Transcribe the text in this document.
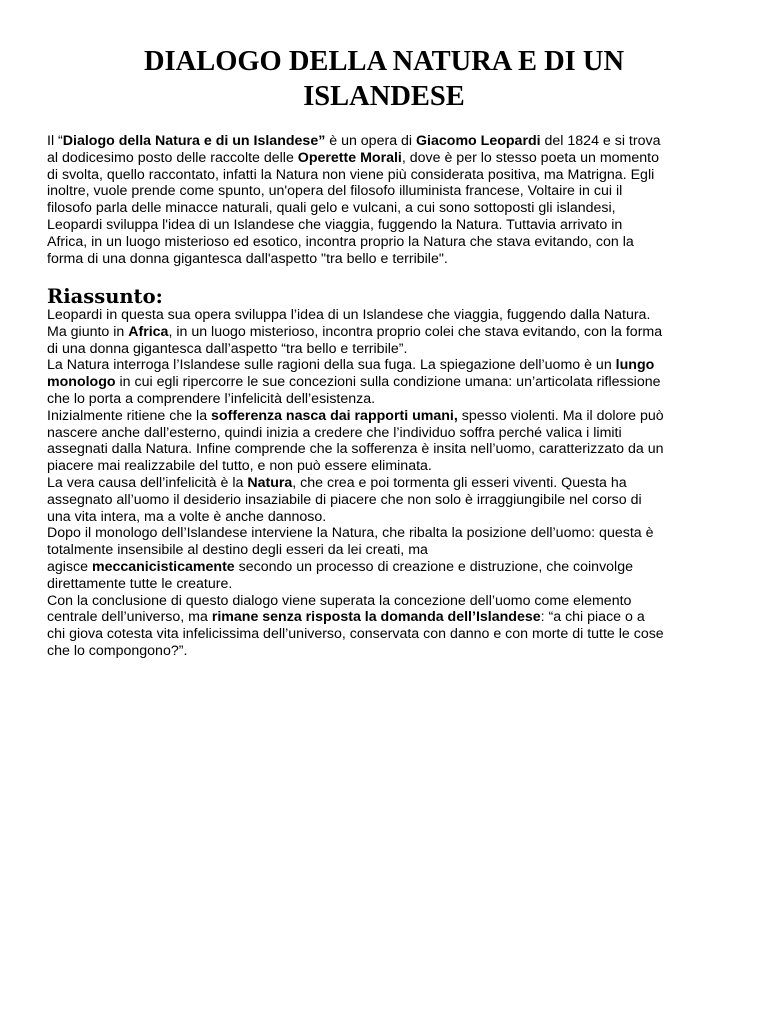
DIALOGO DELLA NATURA E DI UN ISLANDESE
Il “Dialogo della Natura e di un Islandese” è un opera di Giacomo Leopardi del 1824 e si trova
al dodicesimo posto delle raccolte delle Operette Morali, dove è per lo stesso poeta un momento
di svolta, quello raccontato, infatti la Natura non viene più considerata positiva, ma Matrigna. Egli
inoltre, vuole prende come spunto, un'opera del filosofo illuminista francese, Voltaire in cui il
filosofo parla delle minacce naturali, quali gelo e vulcani, a cui sono sottoposti gli islandesi,
Leopardi sviluppa l'idea di un Islandese che viaggia, fuggendo la Natura. Tuttavia arrivato in
Africa, in un luogo misterioso ed esotico, incontra proprio la Natura che stava evitando, con la
forma di una donna gigantesca dall'aspetto "tra bello e terribile".
Riassunto:

Leopardi in questa sua opera sviluppa l’idea di un Islandese che viaggia, fuggendo dalla Natura.
Ma giunto in Africa, in un luogo misterioso, incontra proprio colei che stava evitando, con la forma
di una donna gigantesca dall’aspetto “tra bello e terribile”.

La Natura interroga l’Islandese sulle ragioni della sua fuga. La spiegazione dell’uomo è un lungo
monologo in cui egli ripercorre le sue concezioni sulla condizione umana: un’articolata riflessione
che lo porta a comprendere l’infelicità dell’esistenza.

Inizialmente ritiene che la sofferenza nasca dai rapporti umani, spesso violenti. Ma il dolore può
nascere anche dall’esterno, quindi inizia a credere che l’individuo soffra perché valica i limiti
assegnati dalla Natura. Infine comprende che la sofferenza è insita nell’uomo, caratterizzato da un
piacere mai realizzabile del tutto, e non può essere eliminata.

La vera causa dell’infelicità è la Natura, che crea e poi tormenta gli esseri viventi. Questa ha
assegnato all’uomo il desiderio insaziabile di piacere che non solo è irraggiungibile nel corso di
una vita intera, ma a volte è anche dannoso.

Dopo il monologo dell’Islandese interviene la Natura, che ribalta la posizione dell’uomo: questa è
totalmente insensibile al destino degli esseri da lei creati, ma
agisce meccanicisticamente secondo un processo di creazione e distruzione, che coinvolge
direttamente tutte le creature.

Con la conclusione di questo dialogo viene superata la concezione dell’uomo come elemento
centrale dell’universo, ma rimane senza risposta la domanda dell’Islandese: “a chi piace o a
chi giova cotesta vita infelicissima dell’universo, conservata con danno e con morte di tutte le cose
che lo compongono?”.
